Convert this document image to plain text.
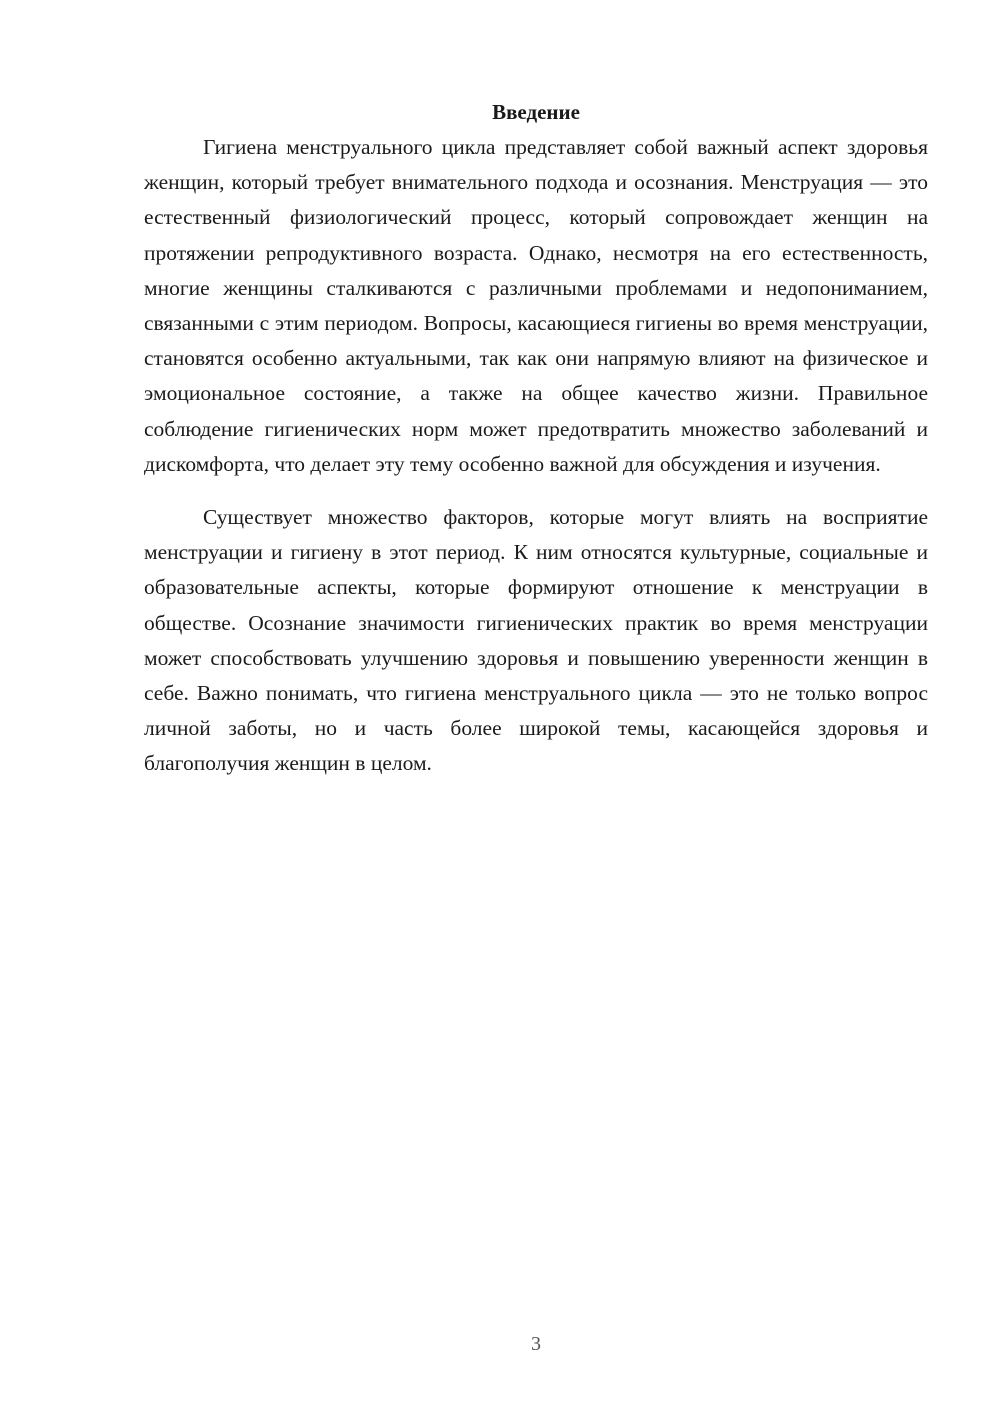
Введение

Гигиена менструального цикла представляет собой важный аспект здоровья женщин, который требует внимательного подхода и осознания. Менструация — это естественный физиологический процесс, который сопровождает женщин на протяжении репродуктивного возраста. Однако, несмотря на его естественность, многие женщины сталкиваются с различными проблемами и недопониманием, связанными с этим периодом. Вопросы, касающиеся гигиены во время менструации, становятся особенно актуальными, так как они напрямую влияют на физическое и эмоциональное состояние, а также на общее качество жизни. Правильное соблюдение гигиенических норм может предотвратить множество заболеваний и дискомфорта, что делает эту тему особенно важной для обсуждения и изучения.

Существует множество факторов, которые могут влиять на восприятие менструации и гигиену в этот период. К ним относятся культурные, социальные и образовательные аспекты, которые формируют отношение к менструации в обществе. Осознание значимости гигиенических практик во время менструации может способствовать улучшению здоровья и повышению уверенности женщин в себе. Важно понимать, что гигиена менструального цикла — это не только вопрос личной заботы, но и часть более широкой темы, касающейся здоровья и благополучия женщин в целом.

3
